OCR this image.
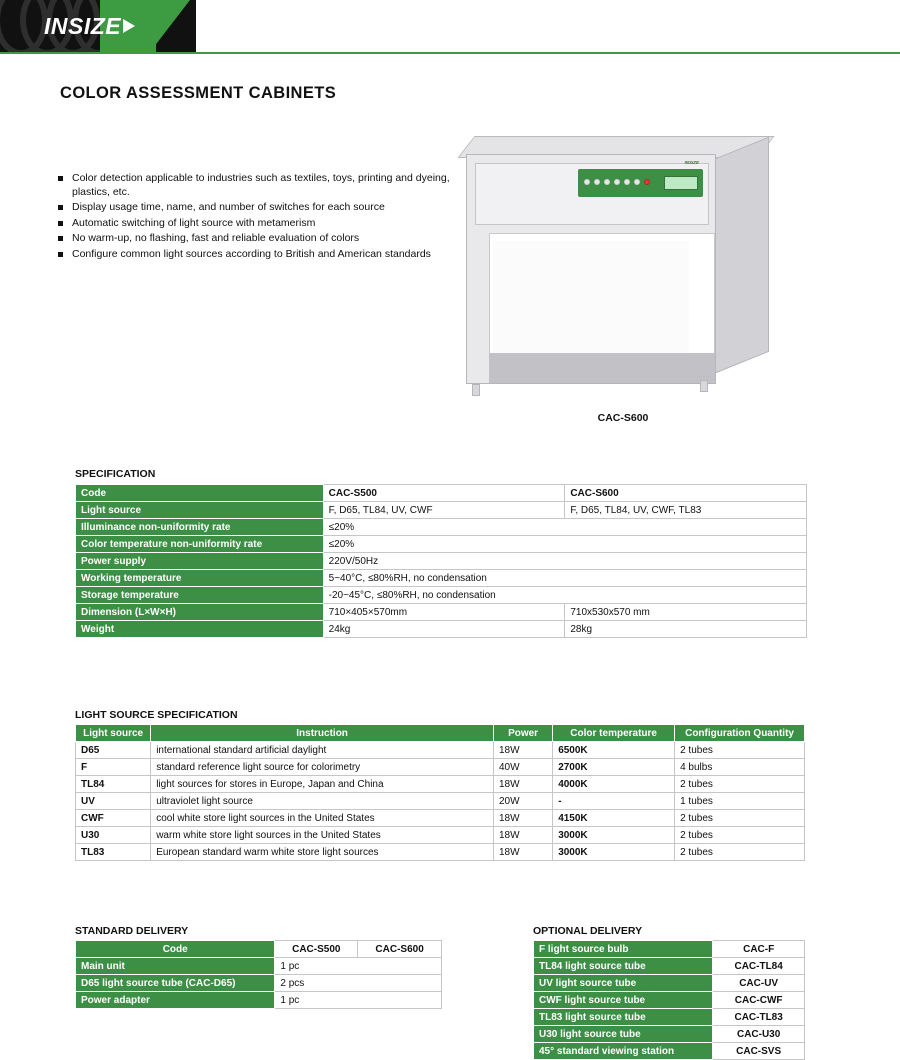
INSIZE
COLOR ASSESSMENT CABINETS
Color detection applicable to industries such as textiles, toys, printing and dyeing, plastics, etc.
Display usage time, name, and number of switches for each source
Automatic switching of light source with metamerism
No warm-up, no flashing, fast and reliable evaluation of colors
Configure common light sources according to British and American standards
INSIZE
CAC-S600
SPECIFICATION
Code	CAC-S500	CAC-S600
Light source	F, D65, TL84, UV, CWF	F, D65, TL84, UV, CWF, TL83
Illuminance non-uniformity rate	≤20%	
Color temperature non-uniformity rate	≤20%	
Power supply	220V/50Hz	
Working temperature	5~40°C, ≤80%RH, no condensation	
Storage temperature	-20~45°C, ≤80%RH, no condensation	
Dimension (L×W×H)	710×405×570mm	710x530x570 mm
Weight	24kg	28kg
LIGHT SOURCE SPECIFICATION
Light source	Instruction	Power	Color temperature	Configuration Quantity
D65	international standard artificial daylight	18W	6500K	2 tubes
F	standard reference light source for colorimetry	40W	2700K	4 bulbs
TL84	light sources for stores in Europe, Japan and China	18W	4000K	2 tubes
UV	ultraviolet light source	20W	-	1 tubes
CWF	cool white store light sources in the United States	18W	4150K	2 tubes
U30	warm white store light sources in the United States	18W	3000K	2 tubes
TL83	European standard warm white store light sources	18W	3000K	2 tubes
STANDARD DELIVERY
Code	CAC-S500	CAC-S600
Main unit	1 pc	
D65 light source tube (CAC-D65)	2 pcs	
Power adapter	1 pc	
OPTIONAL DELIVERY
F light source bulb	CAC-F
TL84 light source tube	CAC-TL84
UV light source tube	CAC-UV
CWF light source tube	CAC-CWF
TL83 light source tube	CAC-TL83
U30 light source tube	CAC-U30
45° standard viewing station	CAC-SVS
